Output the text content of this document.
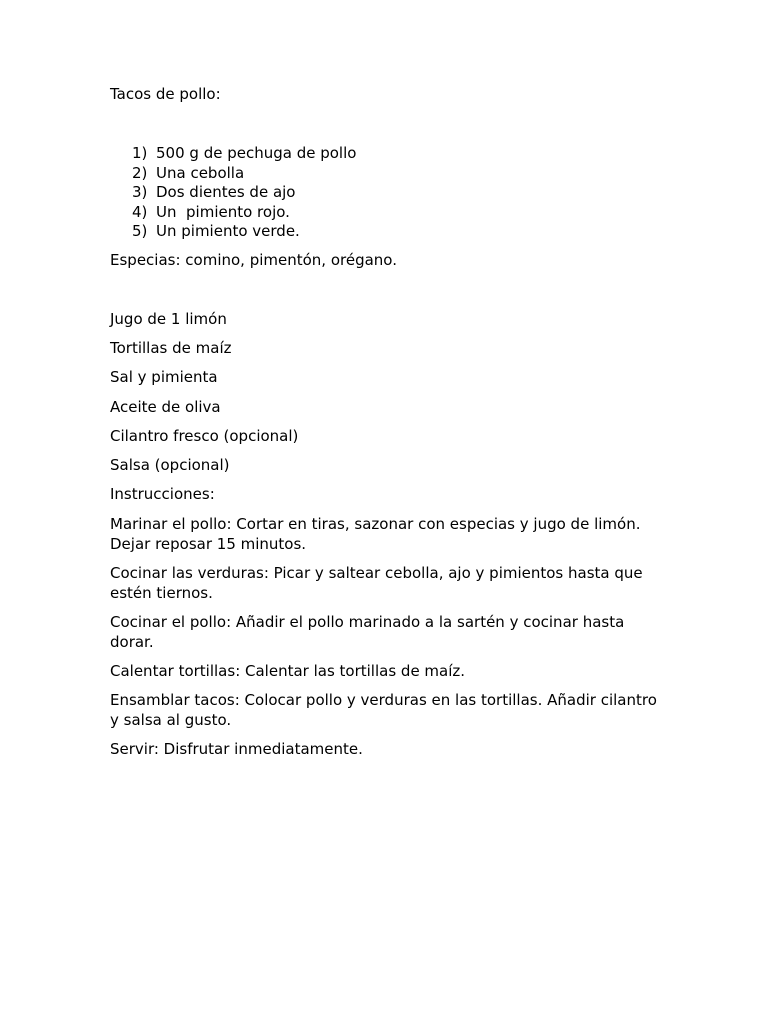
Tacos de pollo:
1) 500 g de pechuga de pollo
2) Una cebolla
3) Dos dientes de ajo
4) Un  pimiento rojo.
5) Un pimiento verde.

Especias: comino, pimentón, orégano.

Jugo de 1 limón

Tortillas de maíz

Sal y pimienta

Aceite de oliva

Cilantro fresco (opcional)

Salsa (opcional)

Instrucciones:

Marinar el pollo: Cortar en tiras, sazonar con especias y jugo de limón. Dejar reposar 15 minutos.

Cocinar las verduras: Picar y saltear cebolla, ajo y pimientos hasta que estén tiernos.

Cocinar el pollo: Añadir el pollo marinado a la sartén y cocinar hasta dorar.

Calentar tortillas: Calentar las tortillas de maíz.

Ensamblar tacos: Colocar pollo y verduras en las tortillas. Añadir cilantro y salsa al gusto.

Servir: Disfrutar inmediatamente.
